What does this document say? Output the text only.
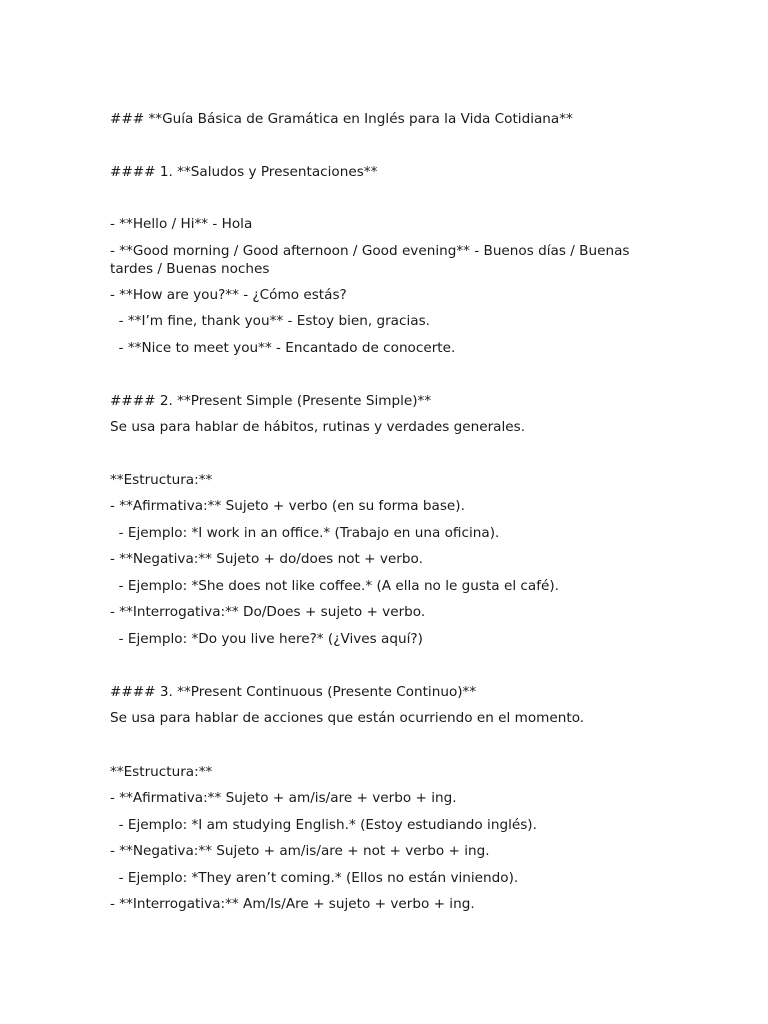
### **Guía Básica de Gramática en Inglés para la Vida Cotidiana**
#### 1. **Saludos y Presentaciones**
- **Hello / Hi** - Hola
- **Good morning / Good afternoon / Good evening** - Buenos días / Buenas tardes / Buenas noches
- **How are you?** - ¿Cómo estás?
- **I’m fine, thank you** - Estoy bien, gracias.
- **Nice to meet you** - Encantado de conocerte.
#### 2. **Present Simple (Presente Simple)**
Se usa para hablar de hábitos, rutinas y verdades generales.
**Estructura:**
- **Afirmativa:** Sujeto + verbo (en su forma base).
- Ejemplo: *I work in an office.* (Trabajo en una oficina).
- **Negativa:** Sujeto + do/does not + verbo.
- Ejemplo: *She does not like coffee.* (A ella no le gusta el café).
- **Interrogativa:** Do/Does + sujeto + verbo.
- Ejemplo: *Do you live here?* (¿Vives aquí?)
#### 3. **Present Continuous (Presente Continuo)**
Se usa para hablar de acciones que están ocurriendo en el momento.
**Estructura:**
- **Afirmativa:** Sujeto + am/is/are + verbo + ing.
- Ejemplo: *I am studying English.* (Estoy estudiando inglés).
- **Negativa:** Sujeto + am/is/are + not + verbo + ing.
- Ejemplo: *They aren’t coming.* (Ellos no están viniendo).
- **Interrogativa:** Am/Is/Are + sujeto + verbo + ing.
